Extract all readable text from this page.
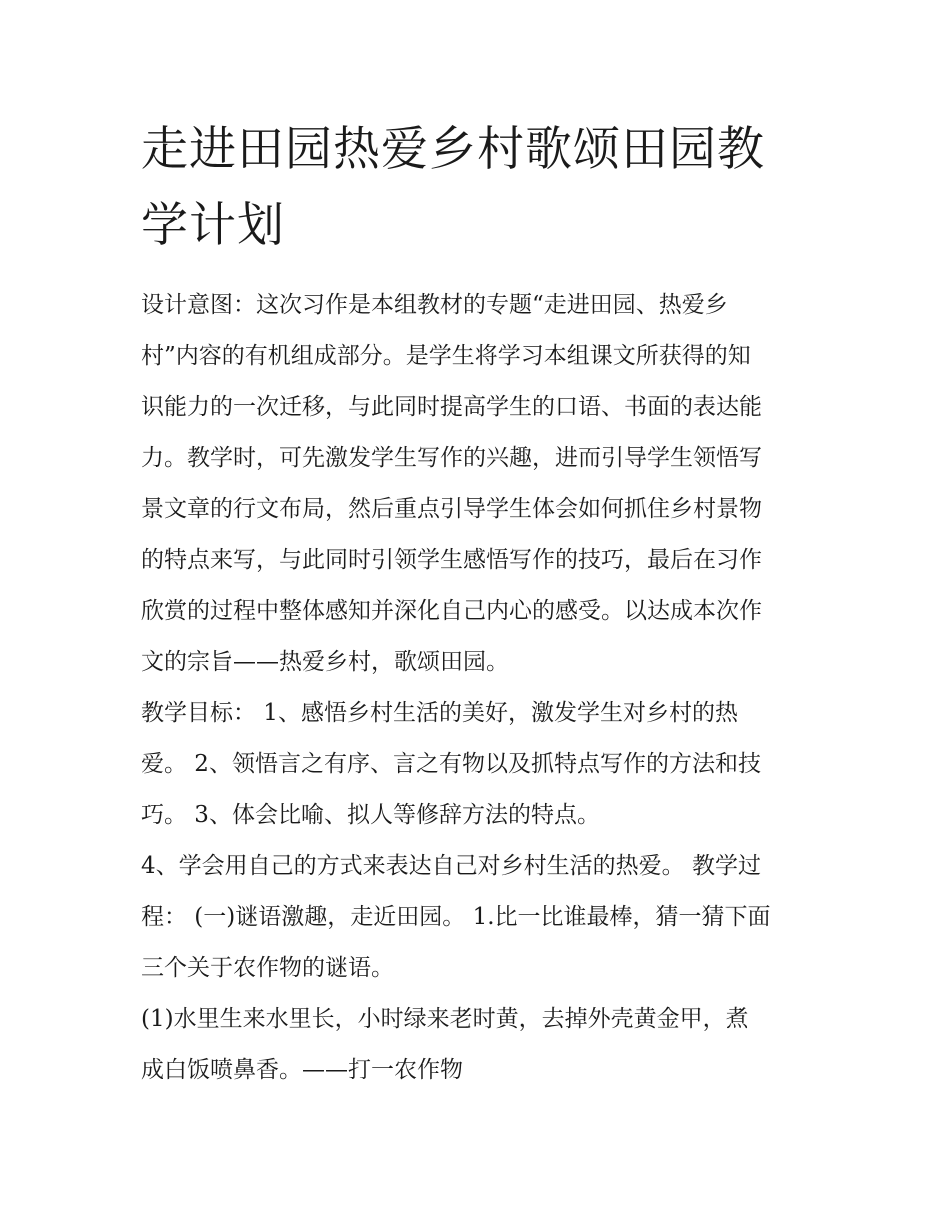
走进田园热爱乡村歌颂田园教
学计划
设计意图：这次习作是本组教材的专题“走进田园、热爱乡
村”内容的有机组成部分。是学生将学习本组课文所获得的知
识能力的一次迁移，与此同时提高学生的口语、书面的表达能
力。教学时，可先激发学生写作的兴趣，进而引导学生领悟写
景文章的行文布局，然后重点引导学生体会如何抓住乡村景物
的特点来写，与此同时引领学生感悟写作的技巧，最后在习作
欣赏的过程中整体感知并深化自己内心的感受。以达成本次作
文的宗旨——热爱乡村，歌颂田园。
教学目标： 1、感悟乡村生活的美好，激发学生对乡村的热
爱。 2、领悟言之有序、言之有物以及抓特点写作的方法和技
巧。 3、体会比喻、拟人等修辞方法的特点。
4、学会用自己的方式来表达自己对乡村生活的热爱。 教学过
程： (一)谜语激趣，走近田园。 1.比一比谁最棒，猜一猜下面
三个关于农作物的谜语。
(1)水里生来水里长，小时绿来老时黄，去掉外壳黄金甲，煮
成白饭喷鼻香。——打一农作物
